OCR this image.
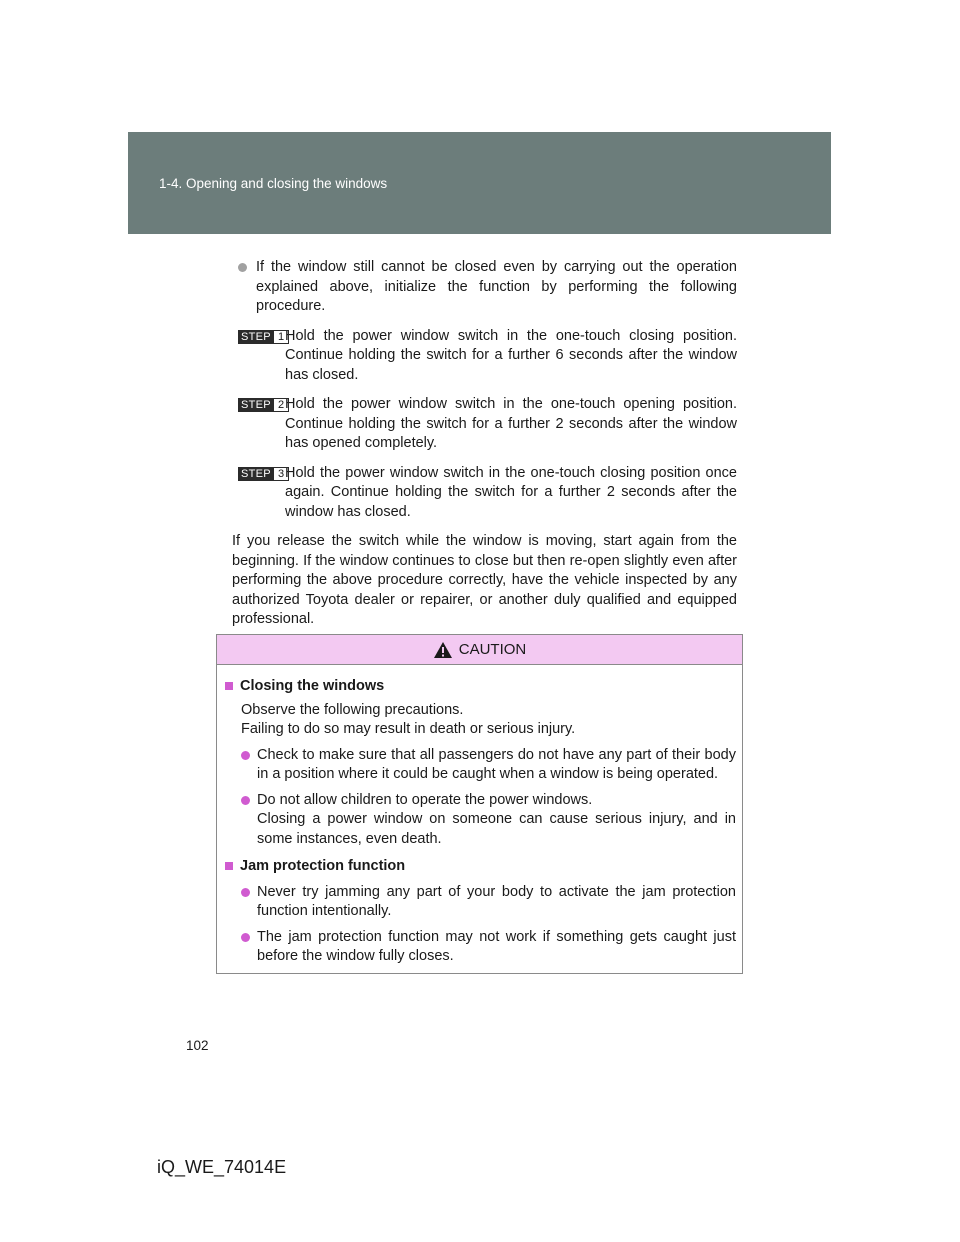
1-4. Opening and closing the windows
If the window still cannot be closed even by carrying out the operation explained above, initialize the function by performing the following procedure.
STEP 1 Hold the power window switch in the one-touch closing position. Continue holding the switch for a further 6 seconds after the window has closed.
STEP 2 Hold the power window switch in the one-touch opening position. Continue holding the switch for a further 2 seconds after the window has opened completely.
STEP 3 Hold the power window switch in the one-touch closing position once again. Continue holding the switch for a further 2 seconds after the window has closed.
If you release the switch while the window is moving, start again from the beginning. If the window continues to close but then re-open slightly even after performing the above procedure correctly, have the vehicle inspected by any authorized Toyota dealer or repairer, or another duly qualified and equipped professional.
CAUTION
Closing the windows
Observe the following precautions.
Failing to do so may result in death or serious injury.
Check to make sure that all passengers do not have any part of their body in a position where it could be caught when a window is being operated.
Do not allow children to operate the power windows.
Closing a power window on someone can cause serious injury, and in some instances, even death.
Jam protection function
Never try jamming any part of your body to activate the jam protection function intentionally.
The jam protection function may not work if something gets caught just before the window fully closes.
102
iQ_WE_74014E
